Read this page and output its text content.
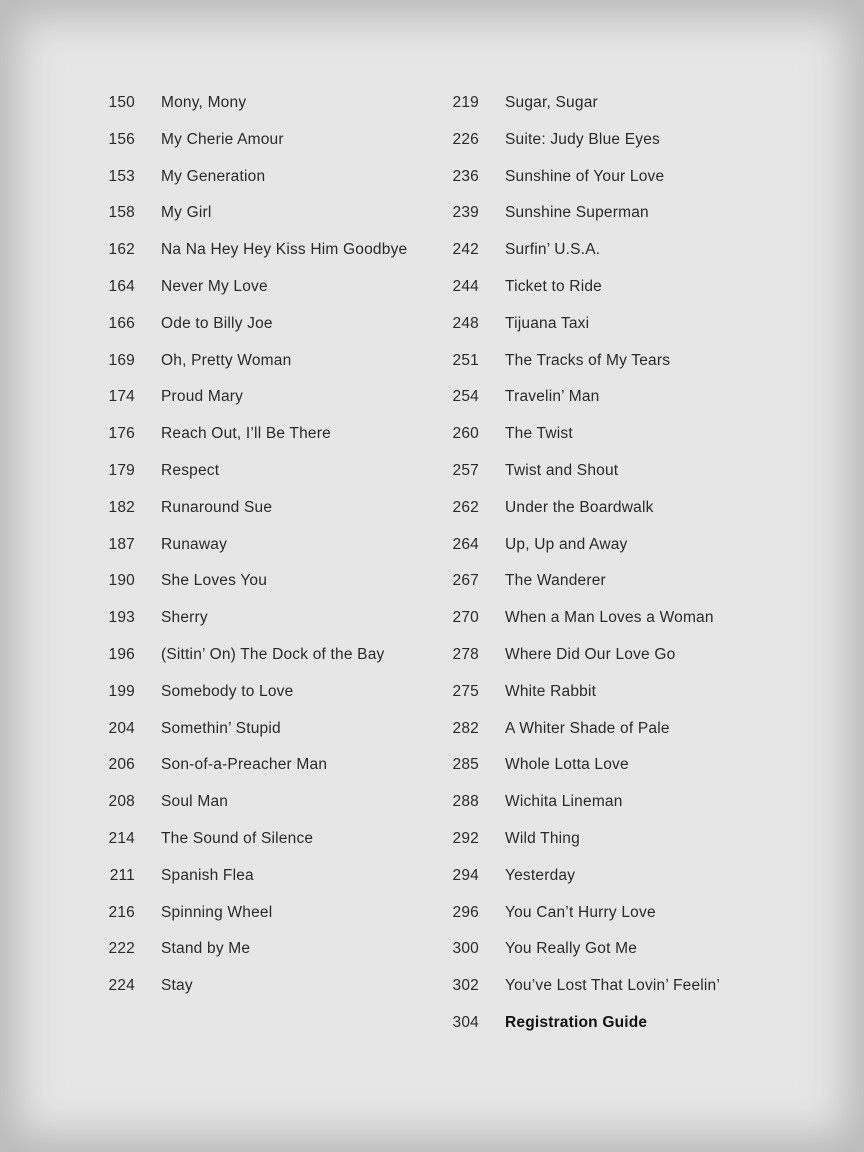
150 Mony, Mony
156 My Cherie Amour
153 My Generation
158 My Girl
162 Na Na Hey Hey Kiss Him Goodbye
164 Never My Love
166 Ode to Billy Joe
169 Oh, Pretty Woman
174 Proud Mary
176 Reach Out, I’ll Be There
179 Respect
182 Runaround Sue
187 Runaway
190 She Loves You
193 Sherry
196 (Sittin’ On) The Dock of the Bay
199 Somebody to Love
204 Somethin’ Stupid
206 Son-of-a-Preacher Man
208 Soul Man
214 The Sound of Silence
211 Spanish Flea
216 Spinning Wheel
222 Stand by Me
224 Stay
219 Sugar, Sugar
226 Suite: Judy Blue Eyes
236 Sunshine of Your Love
239 Sunshine Superman
242 Surfin’ U.S.A.
244 Ticket to Ride
248 Tijuana Taxi
251 The Tracks of My Tears
254 Travelin’ Man
260 The Twist
257 Twist and Shout
262 Under the Boardwalk
264 Up, Up and Away
267 The Wanderer
270 When a Man Loves a Woman
278 Where Did Our Love Go
275 White Rabbit
282 A Whiter Shade of Pale
285 Whole Lotta Love
288 Wichita Lineman
292 Wild Thing
294 Yesterday
296 You Can’t Hurry Love
300 You Really Got Me
302 You’ve Lost That Lovin’ Feelin’
304 Registration Guide
